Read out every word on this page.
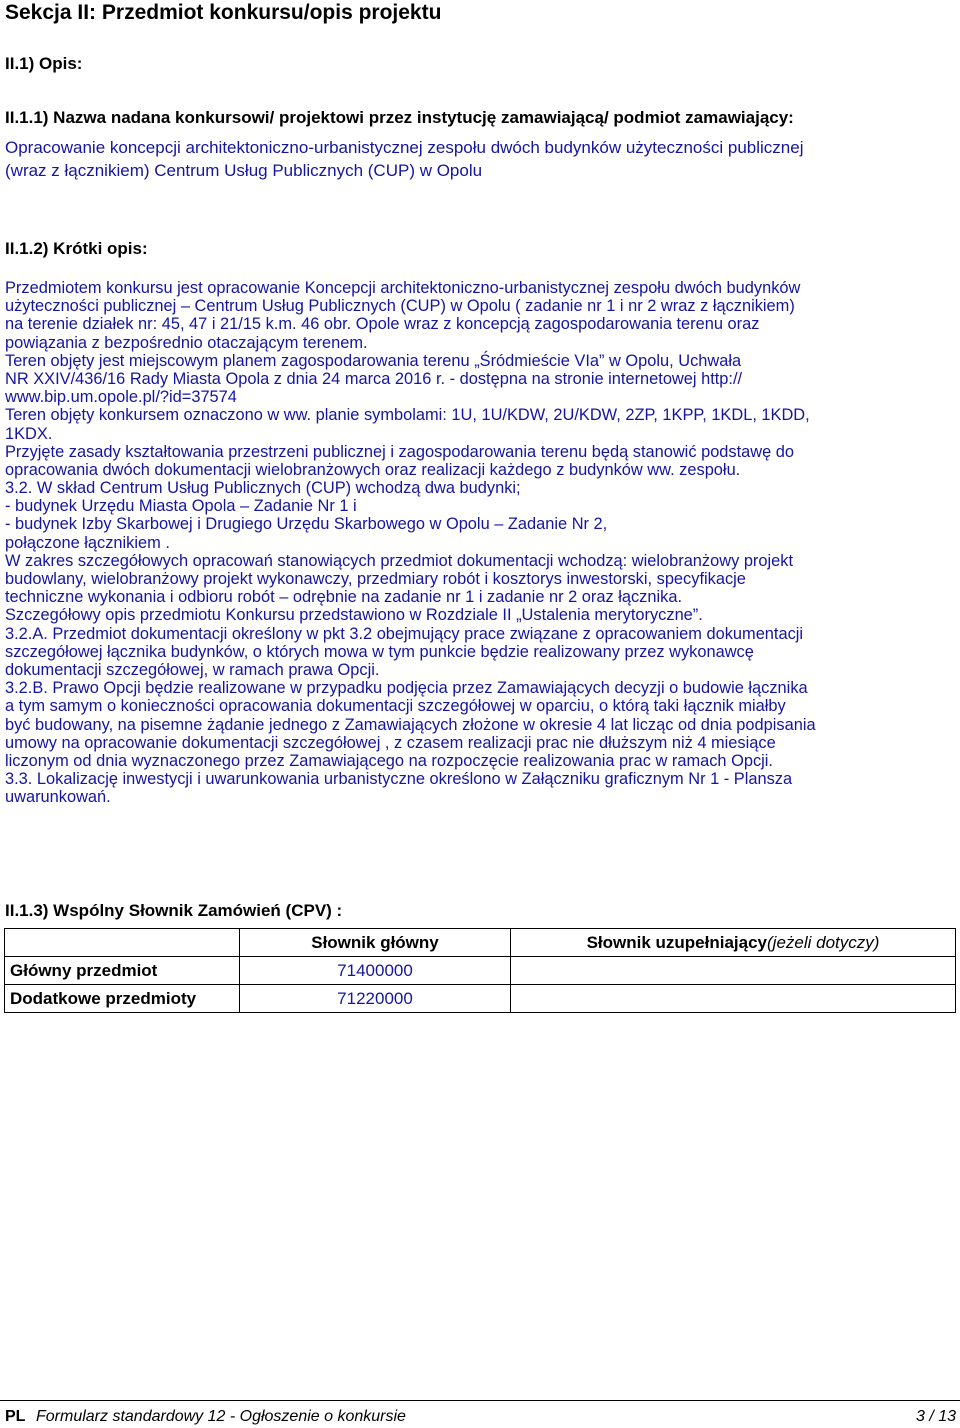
Sekcja II: Przedmiot konkursu/opis projektu
II.1) Opis:
II.1.1) Nazwa nadana konkursowi/ projektowi przez instytucję zamawiającą/ podmiot zamawiający:
Opracowanie koncepcji architektoniczno-urbanistycznej zespołu dwóch budynków użyteczności publicznej
(wraz z łącznikiem) Centrum Usług Publicznych (CUP) w Opolu
II.1.2) Krótki opis:
Przedmiotem konkursu jest opracowanie Koncepcji architektoniczno-urbanistycznej zespołu dwóch budynków
użyteczności publicznej – Centrum Usług Publicznych (CUP) w Opolu ( zadanie nr 1 i nr 2 wraz z łącznikiem)
na terenie działek nr: 45, 47 i 21/15 k.m. 46 obr. Opole wraz z koncepcją zagospodarowania terenu oraz
powiązania z bezpośrednio otaczającym terenem.
Teren objęty jest miejscowym planem zagospodarowania terenu „Śródmieście VIa” w Opolu, Uchwała
NR XXIV/436/16 Rady Miasta Opola z dnia 24 marca 2016 r. - dostępna na stronie internetowej http://
www.bip.um.opole.pl/?id=37574
Teren objęty konkursem oznaczono w ww. planie symbolami: 1U, 1U/KDW, 2U/KDW, 2ZP, 1KPP, 1KDL, 1KDD,
1KDX.
Przyjęte zasady kształtowania przestrzeni publicznej i zagospodarowania terenu będą stanowić podstawę do
opracowania dwóch dokumentacji wielobranżowych oraz realizacji każdego z budynków ww. zespołu.
3.2. W skład Centrum Usług Publicznych (CUP) wchodzą dwa budynki;
- budynek Urzędu Miasta Opola – Zadanie Nr 1 i
- budynek Izby Skarbowej i Drugiego Urzędu Skarbowego w Opolu – Zadanie Nr 2,
połączone łącznikiem .
W zakres szczegółowych opracowań stanowiących przedmiot dokumentacji wchodzą: wielobranżowy projekt
budowlany, wielobranżowy projekt wykonawczy, przedmiary robót i kosztorys inwestorski, specyfikacje
techniczne wykonania i odbioru robót – odrębnie na zadanie nr 1 i zadanie nr 2 oraz łącznika.
Szczegółowy opis przedmiotu Konkursu przedstawiono w Rozdziale II „Ustalenia merytoryczne”.
3.2.A. Przedmiot dokumentacji określony w pkt 3.2 obejmujący prace związane z opracowaniem dokumentacji
szczegółowej łącznika budynków, o których mowa w tym punkcie będzie realizowany przez wykonawcę
dokumentacji szczegółowej, w ramach prawa Opcji.
3.2.B. Prawo Opcji będzie realizowane w przypadku podjęcia przez Zamawiających decyzji o budowie łącznika
a tym samym o konieczności opracowania dokumentacji szczegółowej w oparciu, o którą taki łącznik miałby
być budowany, na pisemne żądanie jednego z Zamawiających złożone w okresie 4 lat licząc od dnia podpisania
umowy na opracowanie dokumentacji szczegółowej , z czasem realizacji prac nie dłuższym niż 4 miesiące
liczonym od dnia wyznaczonego przez Zamawiającego na rozpoczęcie realizowania prac w ramach Opcji.
3.3. Lokalizację inwestycji i uwarunkowania urbanistyczne określono w Załączniku graficznym Nr 1 - Plansza
uwarunkowań.
II.1.3) Wspólny Słownik Zamówień (CPV) :
	Słownik główny	Słownik uzupełniający(jeżeli dotyczy)
Główny przedmiot	71400000	
Dodatkowe przedmioty	71220000	
PL Formularz standardowy 12 - Ogłoszenie o konkursie	3 / 13
